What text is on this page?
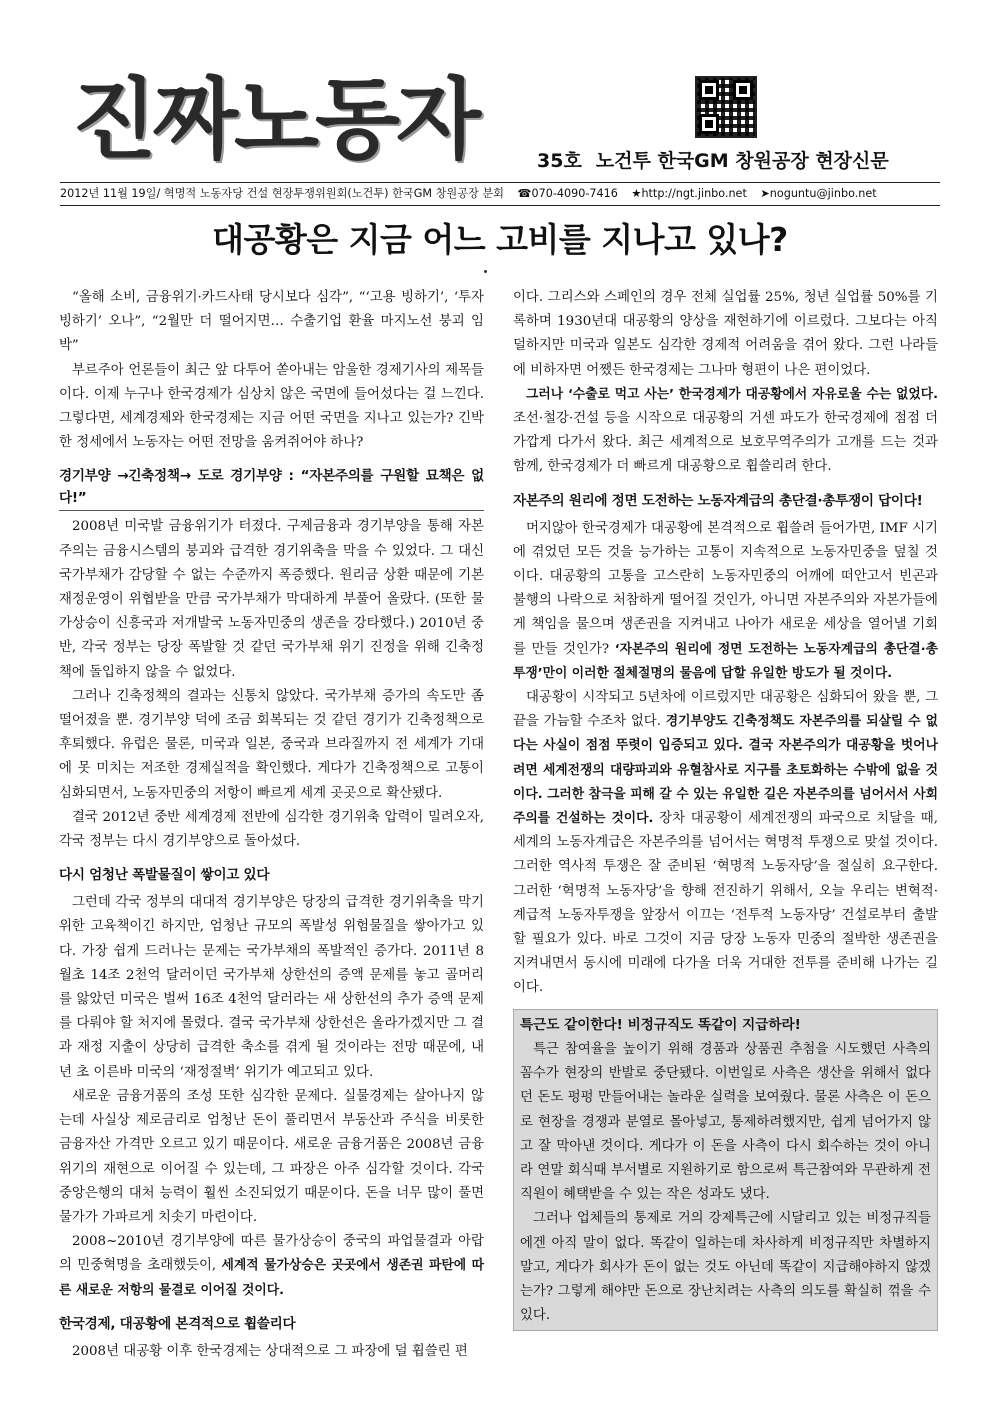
진짜노동자	35호 노건투 한국GM 창원공장 현장신문
2012년 11월 19일/ 혁명적 노동자당 건설 현장투쟁위원회(노건투) 한국GM 창원공장 분회 ☎070-4090-7416 ★http://ngt.jinbo.net ➤noguntu@jinbo.net
대공황은 지금 어느 고비를 지나고 있나?

“올해 소비, 금융위기·카드사태 당시보다 심각”, “‘고용 빙하기’, ‘투자 빙하기’ 오나”, “2월만 더 떨어지면… 수출기업 환율 마지노선 붕괴 임박”

부르주아 언론들이 최근 앞 다투어 쏟아내는 암울한 경제기사의 제목들이다. 이제 누구나 한국경제가 심상치 않은 국면에 들어섰다는 걸 느낀다. 그렇다면, 세계경제와 한국경제는 지금 어떤 국면을 지나고 있는가? 긴박한 정세에서 노동자는 어떤 전망을 움켜쥐어야 하나?

경기부양 →긴축정책→ 도로 경기부양 : “자본주의를 구원할 묘책은 없다!”

2008년 미국발 금융위기가 터졌다. 구제금융과 경기부양을 통해 자본주의는 금융시스템의 붕괴와 급격한 경기위축을 막을 수 있었다. 그 대신 국가부채가 감당할 수 없는 수준까지 폭증했다. 원리금 상환 때문에 기본 재정운영이 위협받을 만큼 국가부채가 막대하게 부풀어 올랐다. (또한 물가상승이 신흥국과 저개발국 노동자민중의 생존을 강타했다.) 2010년 중반, 각국 정부는 당장 폭발할 것 같던 국가부채 위기 진정을 위해 긴축정책에 돌입하지 않을 수 없었다.

그러나 긴축정책의 결과는 신통치 않았다. 국가부채 증가의 속도만 좀 떨어졌을 뿐. 경기부양 덕에 조금 회복되는 것 같던 경기가 긴축정책으로 후퇴했다. 유럽은 물론, 미국과 일본, 중국과 브라질까지 전 세계가 기대에 못 미치는 저조한 경제실적을 확인했다. 게다가 긴축정책으로 고통이 심화되면서, 노동자민중의 저항이 빠르게 세계 곳곳으로 확산됐다.

결국 2012년 중반 세계경제 전반에 심각한 경기위축 압력이 밀려오자, 각국 정부는 다시 경기부양으로 돌아섰다.

다시 엄청난 폭발물질이 쌓이고 있다

그런데 각국 정부의 대대적 경기부양은 당장의 급격한 경기위축을 막기 위한 고육책이긴 하지만, 엄청난 규모의 폭발성 위험물질을 쌓아가고 있다. 가장 쉽게 드러나는 문제는 국가부채의 폭발적인 증가다. 2011년 8월초 14조 2천억 달러이던 국가부채 상한선의 증액 문제를 놓고 골머리를 앓았던 미국은 벌써 16조 4천억 달러라는 새 상한선의 추가 증액 문제를 다뤄야 할 처지에 몰렸다. 결국 국가부채 상한선은 올라가겠지만 그 결과 재정 지출이 상당히 급격한 축소를 겪게 될 것이라는 전망 때문에, 내년 초 이른바 미국의 ‘재정절벽’ 위기가 예고되고 있다.

새로운 금융거품의 조성 또한 심각한 문제다. 실물경제는 살아나지 않는데 사실상 제로금리로 엄청난 돈이 풀리면서 부동산과 주식을 비롯한 금융자산 가격만 오르고 있기 때문이다. 새로운 금융거품은 2008년 금융위기의 재현으로 이어질 수 있는데, 그 파장은 아주 심각할 것이다. 각국 중앙은행의 대처 능력이 훨씬 소진되었기 때문이다. 돈을 너무 많이 풀면 물가가 가파르게 치솟기 마련이다.

2008~2010년 경기부양에 따른 물가상승이 중국의 파업물결과 아랍의 민중혁명을 초래했듯이, 세계적 물가상승은 곳곳에서 생존권 파탄에 따른 새로운 저항의 물결로 이어질 것이다.

한국경제, 대공황에 본격적으로 휩쓸리다

2008년 대공황 이후 한국경제는 상대적으로 그 파장에 덜 휩쓸린 편

이다. 그리스와 스페인의 경우 전체 실업률 25%, 청년 실업률 50%를 기록하며 1930년대 대공황의 양상을 재현하기에 이르렀다. 그보다는 아직 덜하지만 미국과 일본도 심각한 경제적 어려움을 겪어 왔다. 그런 나라들에 비하자면 어쨌든 한국경제는 그나마 형편이 나은 편이었다.

그러나 ‘수출로 먹고 사는’ 한국경제가 대공황에서 자유로울 수는 없었다. 조선·철강·건설 등을 시작으로 대공황의 거센 파도가 한국경제에 점점 더 가깝게 다가서 왔다. 최근 세계적으로 보호무역주의가 고개를 드는 것과 함께, 한국경제가 더 빠르게 대공황으로 휩쓸리려 한다.

자본주의 원리에 정면 도전하는 노동자계급의 총단결·총투쟁이 답이다!

머지않아 한국경제가 대공황에 본격적으로 휩쓸려 들어가면, IMF 시기에 겪었던 모든 것을 능가하는 고통이 지속적으로 노동자민중을 덮칠 것이다. 대공황의 고통을 고스란히 노동자민중의 어깨에 떠안고서 빈곤과 불행의 나락으로 처참하게 떨어질 것인가, 아니면 자본주의와 자본가들에게 책임을 물으며 생존권을 지켜내고 나아가 새로운 세상을 열어낼 기회를 만들 것인가? ‘자본주의 원리에 정면 도전하는 노동자계급의 총단결·총투쟁’만이 이러한 절체절명의 물음에 답할 유일한 방도가 될 것이다.

대공황이 시작되고 5년차에 이르렀지만 대공황은 심화되어 왔을 뿐, 그 끝을 가늠할 수조차 없다. 경기부양도 긴축정책도 자본주의를 되살릴 수 없다는 사실이 점점 뚜렷이 입증되고 있다. 결국 자본주의가 대공황을 벗어나려면 세계전쟁의 대량파괴와 유혈참사로 지구를 초토화하는 수밖에 없을 것이다. 그러한 참극을 피해 갈 수 있는 유일한 길은 자본주의를 넘어서서 사회주의를 건설하는 것이다. 장차 대공황이 세계전쟁의 파국으로 치달을 때, 세계의 노동자계급은 자본주의를 넘어서는 혁명적 투쟁으로 맞설 것이다. 그러한 역사적 투쟁은 잘 준비된 ‘혁명적 노동자당’을 절실히 요구한다. 그러한 ‘혁명적 노동자당’을 향해 전진하기 위해서, 오늘 우리는 변혁적·계급적 노동자투쟁을 앞장서 이끄는 ‘전투적 노동자당’ 건설로부터 출발할 필요가 있다. 바로 그것이 지금 당장 노동자 민중의 절박한 생존권을 지켜내면서 동시에 미래에 다가올 더욱 거대한 전투를 준비해 나가는 길이다.

특근도 같이한다! 비정규직도 똑같이 지급하라!

특근 참여율을 높이기 위해 경품과 상품권 추첨을 시도했던 사측의 꼼수가 현장의 반발로 중단됐다. 이번일로 사측은 생산을 위해서 없다던 돈도 펑펑 만들어내는 놀라운 실력을 보여줬다. 물론 사측은 이 돈으로 현장을 경쟁과 분열로 몰아넣고, 통제하려했지만, 쉽게 넘어가지 않고 잘 막아낸 것이다. 게다가 이 돈을 사측이 다시 회수하는 것이 아니라 연말 회식때 부서별로 지원하기로 함으로써 특근참여와 무관하게 전직원이 혜택받을 수 있는 작은 성과도 냈다.

그러나 업체들의 통제로 거의 강제특근에 시달리고 있는 비정규직들에겐 아직 말이 없다. 똑같이 일하는데 차사하게 비정규직만 차별하지 말고, 게다가 회사가 돈이 없는 것도 아닌데 똑같이 지급해야하지 않겠는가? 그렇게 해야만 돈으로 장난치려는 사측의 의도를 확실히 꺾을 수 있다.
